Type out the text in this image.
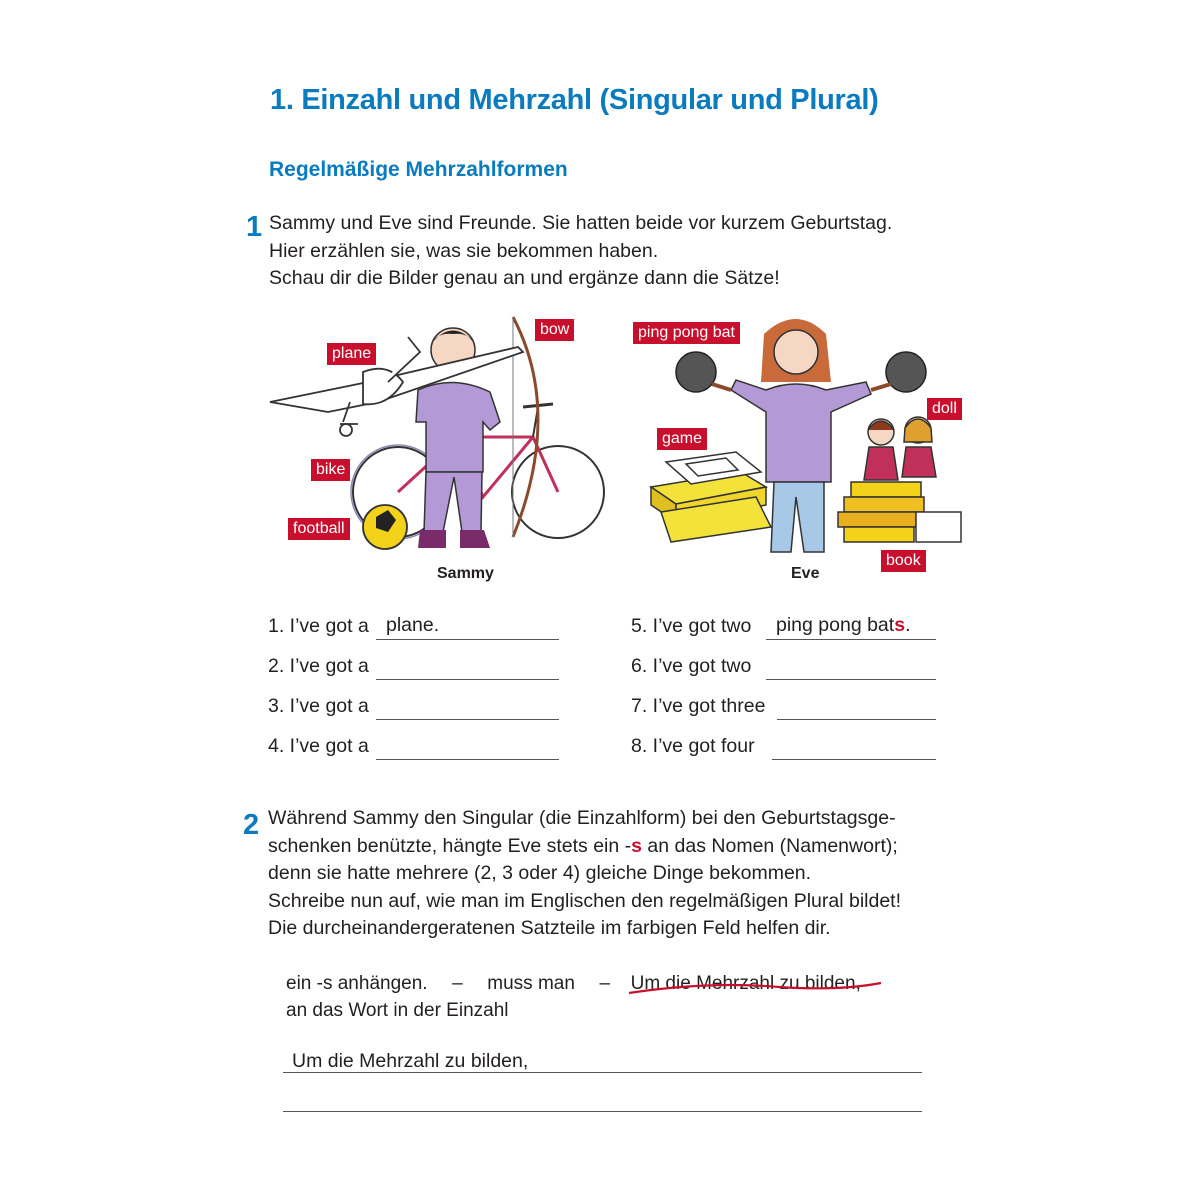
1. Einzahl und Mehrzahl (Singular und Plural)
Regelmäßige Mehrzahlformen
1 Sammy und Eve sind Freunde. Sie hatten beide vor kurzem Geburtstag.
Hier erzählen sie, was sie bekommen haben.
Schau dir die Bilder genau an und ergänze dann die Sätze!
plane
bow
bike
football
ping pong bat
doll
game
book
Sammy	Eve
1. I’ve got a plane.
2. I’ve got a
3. I’ve got a
4. I’ve got a
5. I’ve got two ping pong bats.
6. I’ve got two
7. I’ve got three
8. I’ve got four
2 Während Sammy den Singular (die Einzahlform) bei den Geburtstagsge-
schenken benützte, hängte Eve stets ein -s an das Nomen (Namenwort);
denn sie hatte mehrere (2, 3 oder 4) gleiche Dinge bekommen.
Schreibe nun auf, wie man im Englischen den regelmäßigen Plural bildet!
Die durcheinandergeratenen Satzteile im farbigen Feld helfen dir.
ein -s anhängen. – muss man – Um die Mehrzahl zu bilden
,
an das Wort in der Einzahl
Um die Mehrzahl zu bilden,
